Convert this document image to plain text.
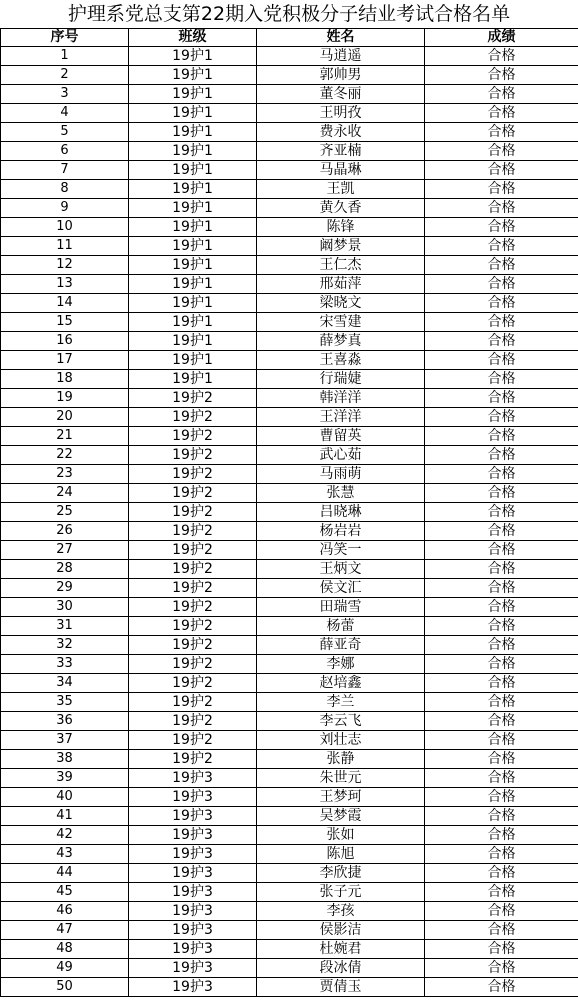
护理系党总支第22期入党积极分子结业考试合格名单
序号	班级	姓名	成绩
1	19护1	马逍遥	合格
2	19护1	郭帅男	合格
3	19护1	董冬丽	合格
4	19护1	王明孜	合格
5	19护1	费永收	合格
6	19护1	齐亚楠	合格
7	19护1	马晶琳	合格
8	19护1	王凯	合格
9	19护1	黄久香	合格
10	19护1	陈锋	合格
11	19护1	阚梦景	合格
12	19护1	王仁杰	合格
13	19护1	邢茹萍	合格
14	19护1	梁晓文	合格
15	19护1	宋雪建	合格
16	19护1	薛梦真	合格
17	19护1	王喜淼	合格
18	19护1	行瑞婕	合格
19	19护2	韩洋洋	合格
20	19护2	王洋洋	合格
21	19护2	曹留英	合格
22	19护2	武心茹	合格
23	19护2	马雨萌	合格
24	19护2	张慧	合格
25	19护2	吕晓琳	合格
26	19护2	杨岩岩	合格
27	19护2	冯笑一	合格
28	19护2	王炳文	合格
29	19护2	侯文汇	合格
30	19护2	田瑞雪	合格
31	19护2	杨蕾	合格
32	19护2	薛亚奇	合格
33	19护2	李娜	合格
34	19护2	赵培鑫	合格
35	19护2	李兰	合格
36	19护2	李云飞	合格
37	19护2	刘壮志	合格
38	19护2	张静	合格
39	19护3	朱世元	合格
40	19护3	王梦珂	合格
41	19护3	吴梦霞	合格
42	19护3	张如	合格
43	19护3	陈旭	合格
44	19护3	李欣捷	合格
45	19护3	张子元	合格
46	19护3	李孩	合格
47	19护3	侯影洁	合格
48	19护3	杜婉君	合格
49	19护3	段冰倩	合格
50	19护3	贾倩玉	合格
